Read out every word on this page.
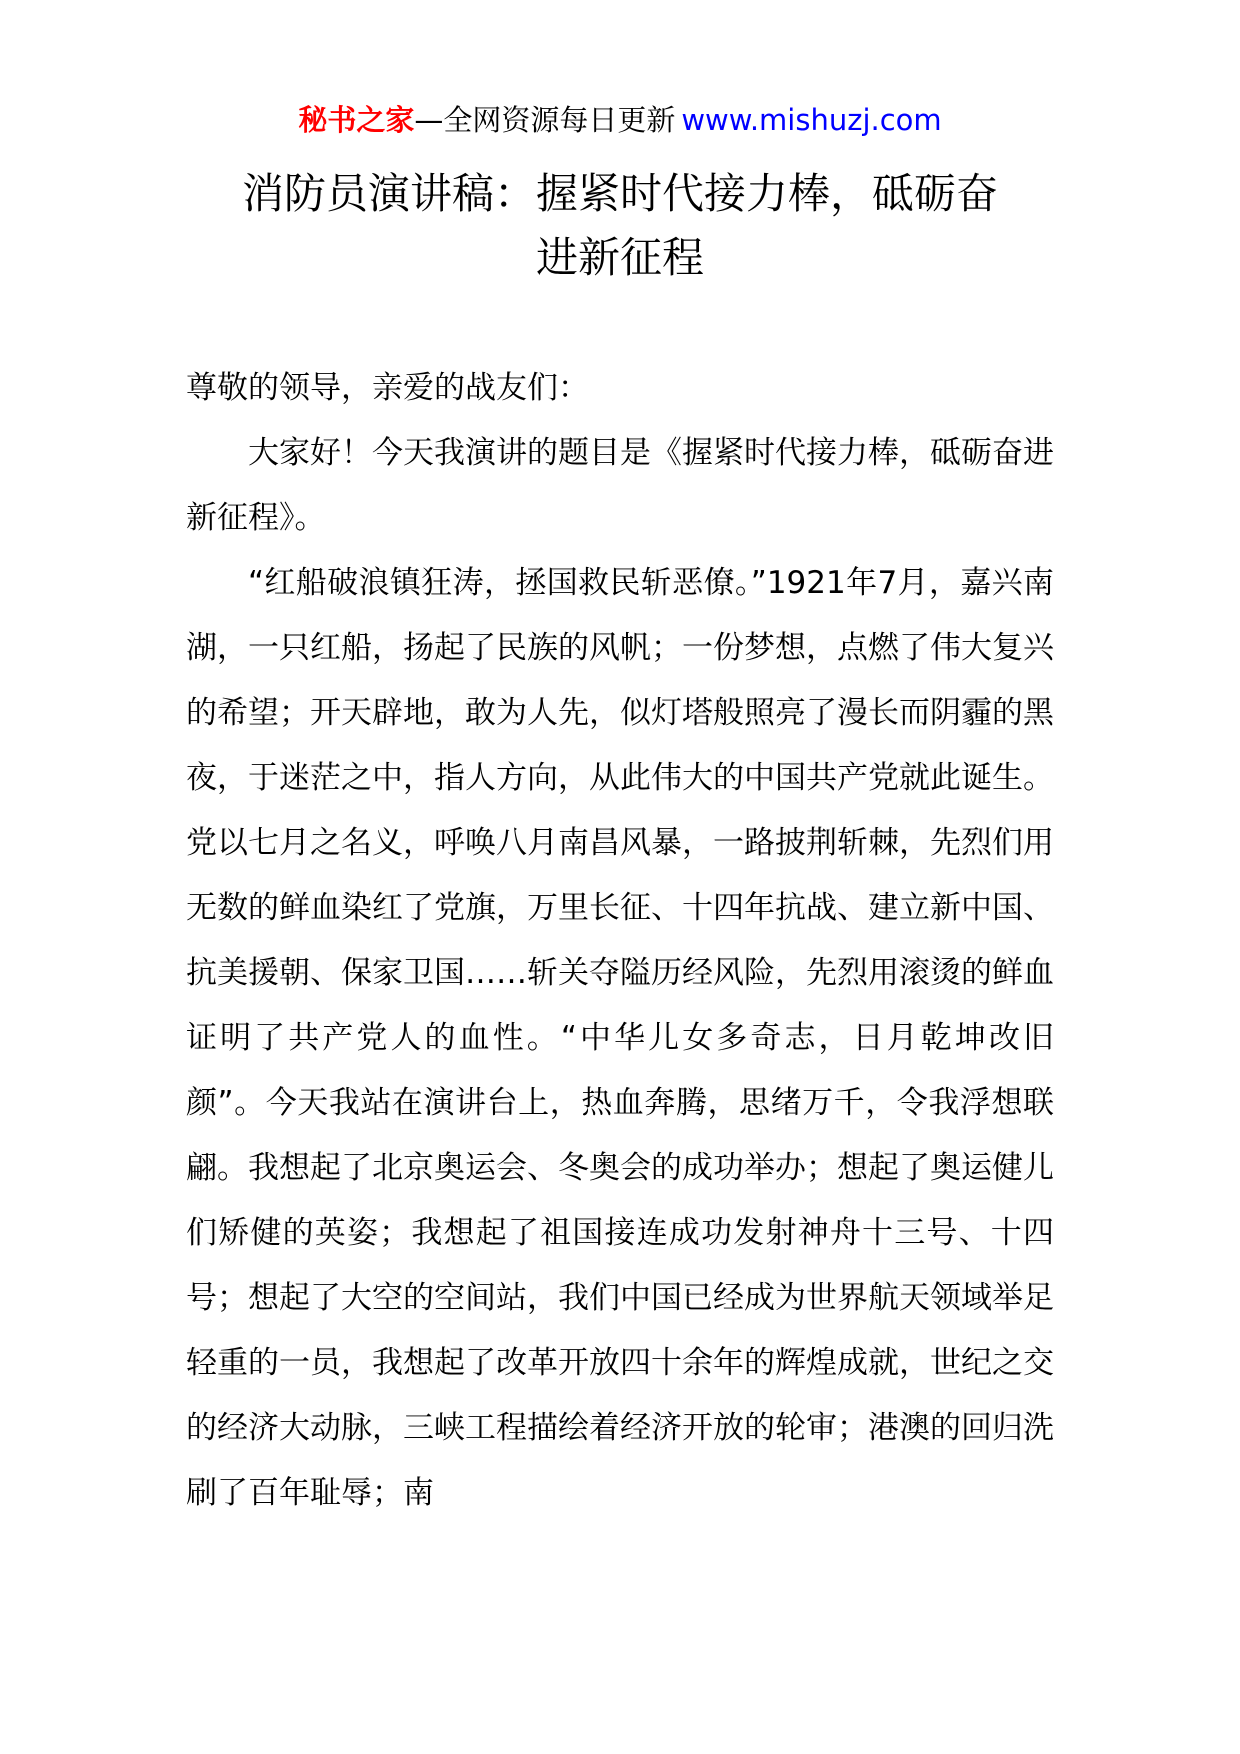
秘书之家—全网资源每日更新 www.mishuzj.com
消防员演讲稿：握紧时代接力棒，砥砺奋
进新征程

尊敬的领导，亲爱的战友们：

大家好！今天我演讲的题目是《握紧时代接力棒，砥砺奋进新征程》。

“红船破浪镇狂涛，拯国救民斩恶僚。”1921年7月，嘉兴南湖，一只红船，扬起了民族的风帆；一份梦想，点燃了伟大复兴的希望；开天辟地，敢为人先，似灯塔般照亮了漫长而阴霾的黑夜，于迷茫之中，指人方向，从此伟大的中国共产党就此诞生。党以七月之名义，呼唤八月南昌风暴，一路披荆斩棘，先烈们用无数的鲜血染红了党旗，万里长征、十四年抗战、建立新中国、抗美援朝、保家卫国……斩关夺隘历经风险，先烈用滚烫的鲜血证明了共产党人的血性。“中华儿女多奇志，日月乾坤改旧颜”。今天我站在演讲台上，热血奔腾，思绪万千，令我浮想联翩。我想起了北京奥运会、冬奥会的成功举办；想起了奥运健儿们矫健的英姿；我想起了祖国接连成功发射神舟十三号、十四号；想起了大空的空间站，我们中国已经成为世界航天领域举足轻重的一员，我想起了改革开放四十余年的辉煌成就，世纪之交的经济大动脉，三峡工程描绘着经济开放的轮审；港澳的回归洗刷了百年耻辱；南
